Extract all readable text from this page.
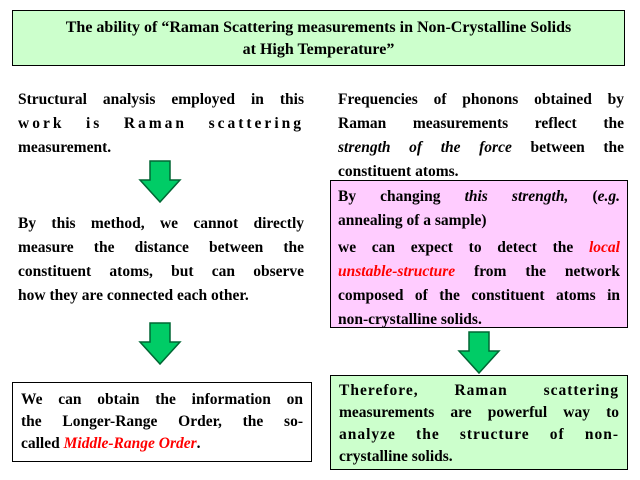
The ability of “Raman Scattering measurements in Non-Crystalline Solids
at High Temperature”
Structural analysis employed in this
work is Raman scattering
measurement.
By this method, we cannot directly
measure the distance between the
constituent atoms, but can observe
how they are connected each other.
We can obtain the information on
the Longer-Range Order, the so-
called Middle-Range Order.
Frequencies of phonons obtained by
Raman measurements reflect the
strength of the force between the
constituent atoms.
By changing this strength, (e.g.
annealing of a sample)
we can expect to detect the local
unstable-structure from the network
composed of the constituent atoms in
non-crystalline solids.
Therefore, Raman scattering
measurements are powerful way to
analyze the structure of non-
crystalline solids.
